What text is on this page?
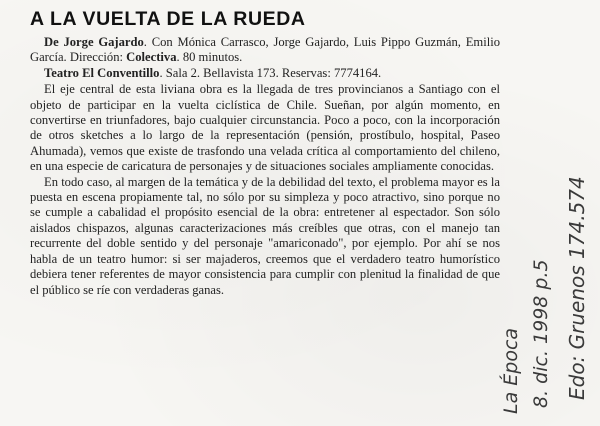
A LA VUELTA DE LA RUEDA

De Jorge Gajardo. Con Mónica Carrasco, Jorge Gajardo, Luis Pippo Guzmán, Emilio García. Dirección: Colectiva. 80 minutos.

Teatro El Conventillo. Sala 2. Bellavista 173. Reservas: 7774164.

El eje central de esta liviana obra es la llegada de tres provincianos a Santiago con el objeto de participar en la vuelta ciclística de Chile. Sueñan, por algún momento, en convertirse en triunfadores, bajo cualquier circunstancia. Poco a poco, con la incorporación de otros sketches a lo largo de la representación (pensión, prostíbulo, hospital, Paseo Ahumada), vemos que existe de trasfondo una velada crítica al comportamiento del chileno, en una especie de caricatura de personajes y de situaciones sociales ampliamente conocidas.

En todo caso, al margen de la temática y de la debilidad del texto, el problema mayor es la puesta en escena propiamente tal, no sólo por su simpleza y poco atractivo, sino porque no se cumple a cabalidad el propósito esencial de la obra: entretener al espectador. Son sólo aislados chispazos, algunas caracterizaciones más creíbles que otras, con el manejo tan recurrente del doble sentido y del personaje "amariconado", por ejemplo. Por ahí se nos habla de un teatro humor: si ser majaderos, creemos que el verdadero teatro humorístico debiera tener referentes de mayor consistencia para cumplir con plenitud la finalidad de que el público se ríe con verdaderas ganas.

La Época 8. dic. 1998 p.5 Edo: Gruenos 174.574
